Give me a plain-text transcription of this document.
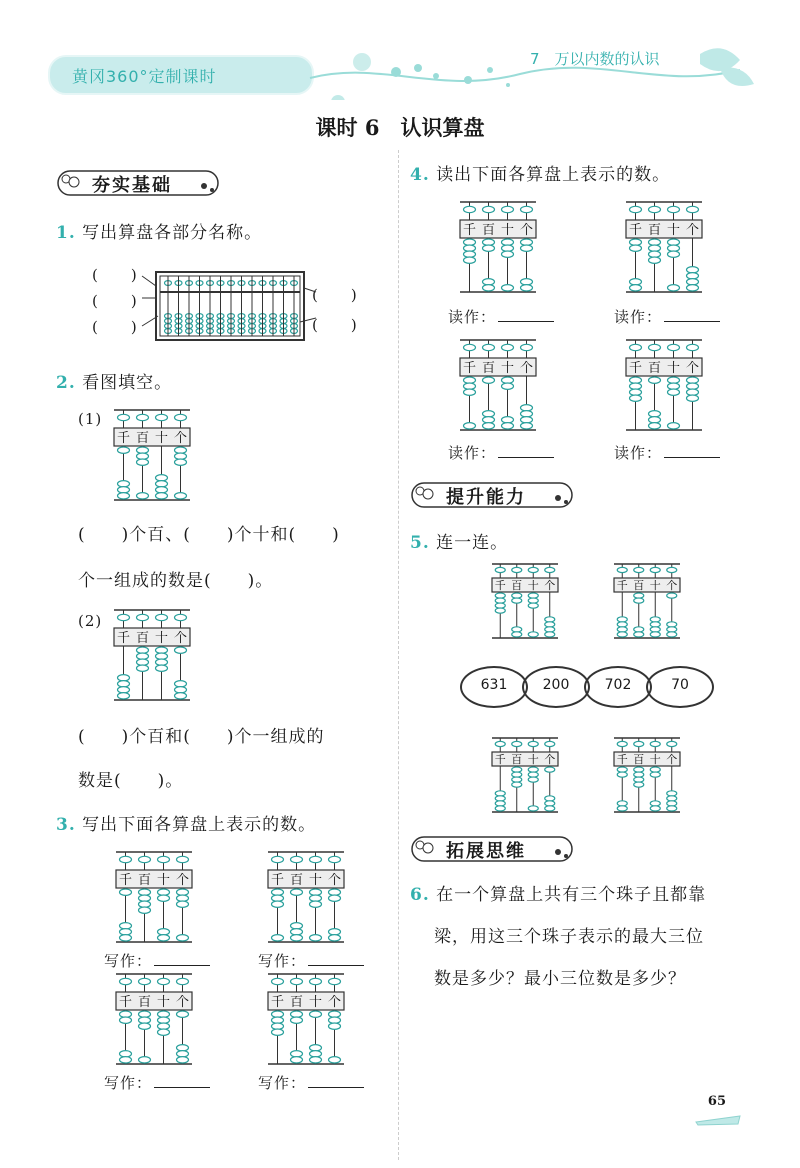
黄冈360°定制课时
7　万以内数的认识
课时 6　认识算盘
夯实基础
1. 写出算盘各部分名称。
(　　)
(　　)
(　　)
(　　)
(　　)
2. 看图填空。
(1)
千 百 十 个
(　　)个百、(　　)个十和(　　)
个一组成的数是(　　)。
(2)
千 百 十 个
(　　)个百和(　　)个一组成的
数是(　　)。
3. 写出下面各算盘上表示的数。
千 百 十 个	千 百 十 个
写作：	写作：
千 百 十 个	千 百 十 个
写作：	写作：
4. 读出下面各算盘上表示的数。
千 百 十 个	千 百 十 个
读作：	读作：
千 百 十 个	千 百 十 个
读作：	读作：
提升能力
5. 连一连。
千 百 十 个	千 百 十 个
631	200	702	70
千 百 十 个	千 百 十 个
拓展思维
6. 在一个算盘上共有三个珠子且都靠
梁，用这三个珠子表示的最大三位
数是多少？最小三位数是多少？
65
